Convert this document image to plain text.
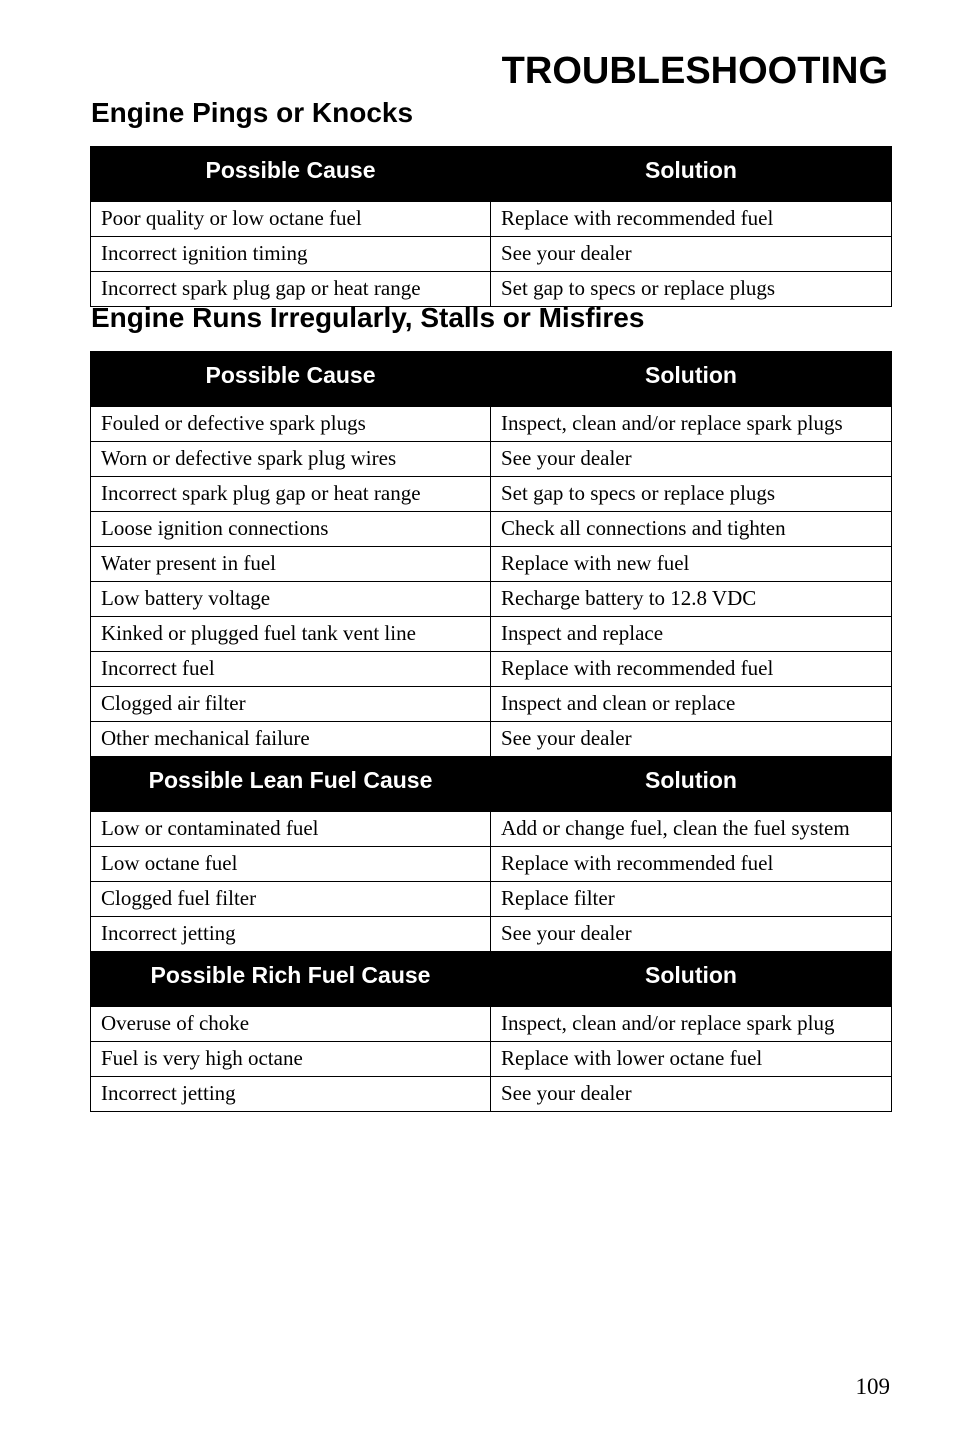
TROUBLESHOOTING
Engine Pings or Knocks
Possible Cause	Solution
Poor quality or low octane fuel	Replace with recommended fuel
Incorrect ignition timing	See your dealer
Incorrect spark plug gap or heat range	Set gap to specs or replace plugs
Engine Runs Irregularly, Stalls or Misfires
Possible Cause	Solution
Fouled or defective spark plugs	Inspect, clean and/or replace spark plugs
Worn or defective spark plug wires	See your dealer
Incorrect spark plug gap or heat range	Set gap to specs or replace plugs
Loose ignition connections	Check all connections and tighten
Water present in fuel	Replace with new fuel
Low battery voltage	Recharge battery to 12.8 VDC
Kinked or plugged fuel tank vent line	Inspect and replace
Incorrect fuel	Replace with recommended fuel
Clogged air filter	Inspect and clean or replace
Other mechanical failure	See your dealer
Possible Lean Fuel Cause	Solution
Low or contaminated fuel	Add or change fuel, clean the fuel system
Low octane fuel	Replace with recommended fuel
Clogged fuel filter	Replace filter
Incorrect jetting	See your dealer
Possible Rich Fuel Cause	Solution
Overuse of choke	Inspect, clean and/or replace spark plug
Fuel is very high octane	Replace with lower octane fuel
Incorrect jetting	See your dealer
109
